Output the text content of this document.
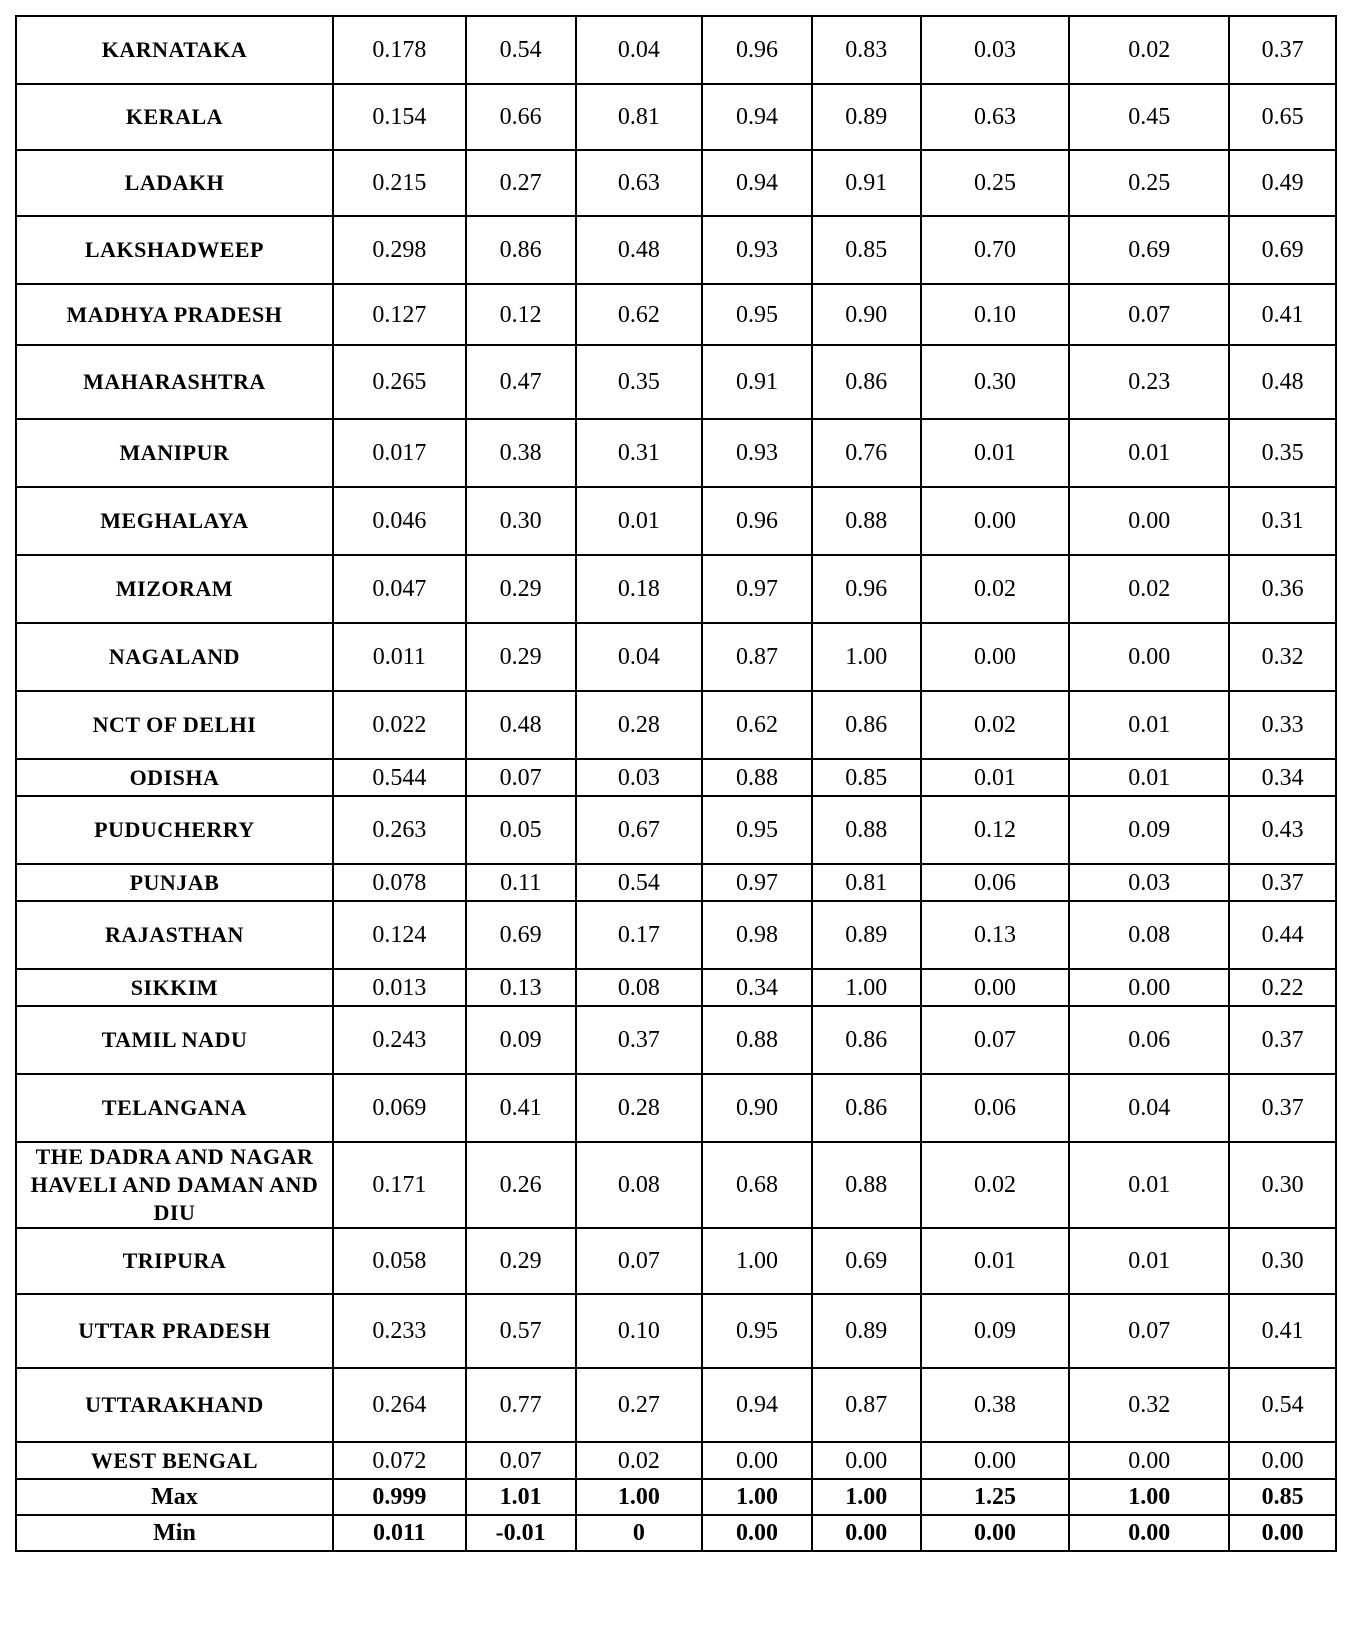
KARNATAKA	0.178	0.54	0.04	0.96	0.83	0.03	0.02	0.37
KERALA	0.154	0.66	0.81	0.94	0.89	0.63	0.45	0.65
LADAKH	0.215	0.27	0.63	0.94	0.91	0.25	0.25	0.49
LAKSHADWEEP	0.298	0.86	0.48	0.93	0.85	0.70	0.69	0.69
MADHYA PRADESH	0.127	0.12	0.62	0.95	0.90	0.10	0.07	0.41
MAHARASHTRA	0.265	0.47	0.35	0.91	0.86	0.30	0.23	0.48
MANIPUR	0.017	0.38	0.31	0.93	0.76	0.01	0.01	0.35
MEGHALAYA	0.046	0.30	0.01	0.96	0.88	0.00	0.00	0.31
MIZORAM	0.047	0.29	0.18	0.97	0.96	0.02	0.02	0.36
NAGALAND	0.011	0.29	0.04	0.87	1.00	0.00	0.00	0.32
NCT OF DELHI	0.022	0.48	0.28	0.62	0.86	0.02	0.01	0.33
ODISHA	0.544	0.07	0.03	0.88	0.85	0.01	0.01	0.34
PUDUCHERRY	0.263	0.05	0.67	0.95	0.88	0.12	0.09	0.43
PUNJAB	0.078	0.11	0.54	0.97	0.81	0.06	0.03	0.37
RAJASTHAN	0.124	0.69	0.17	0.98	0.89	0.13	0.08	0.44
SIKKIM	0.013	0.13	0.08	0.34	1.00	0.00	0.00	0.22
TAMIL NADU	0.243	0.09	0.37	0.88	0.86	0.07	0.06	0.37
TELANGANA	0.069	0.41	0.28	0.90	0.86	0.06	0.04	0.37
THE DADRA AND NAGAR HAVELI AND DAMAN AND DIU	0.171	0.26	0.08	0.68	0.88	0.02	0.01	0.30
TRIPURA	0.058	0.29	0.07	1.00	0.69	0.01	0.01	0.30
UTTAR PRADESH	0.233	0.57	0.10	0.95	0.89	0.09	0.07	0.41
UTTARAKHAND	0.264	0.77	0.27	0.94	0.87	0.38	0.32	0.54
WEST BENGAL	0.072	0.07	0.02	0.00	0.00	0.00	0.00	0.00
Max	0.999	1.01	1.00	1.00	1.00	1.25	1.00	0.85
Min	0.011	-0.01	0	0.00	0.00	0.00	0.00	0.00
